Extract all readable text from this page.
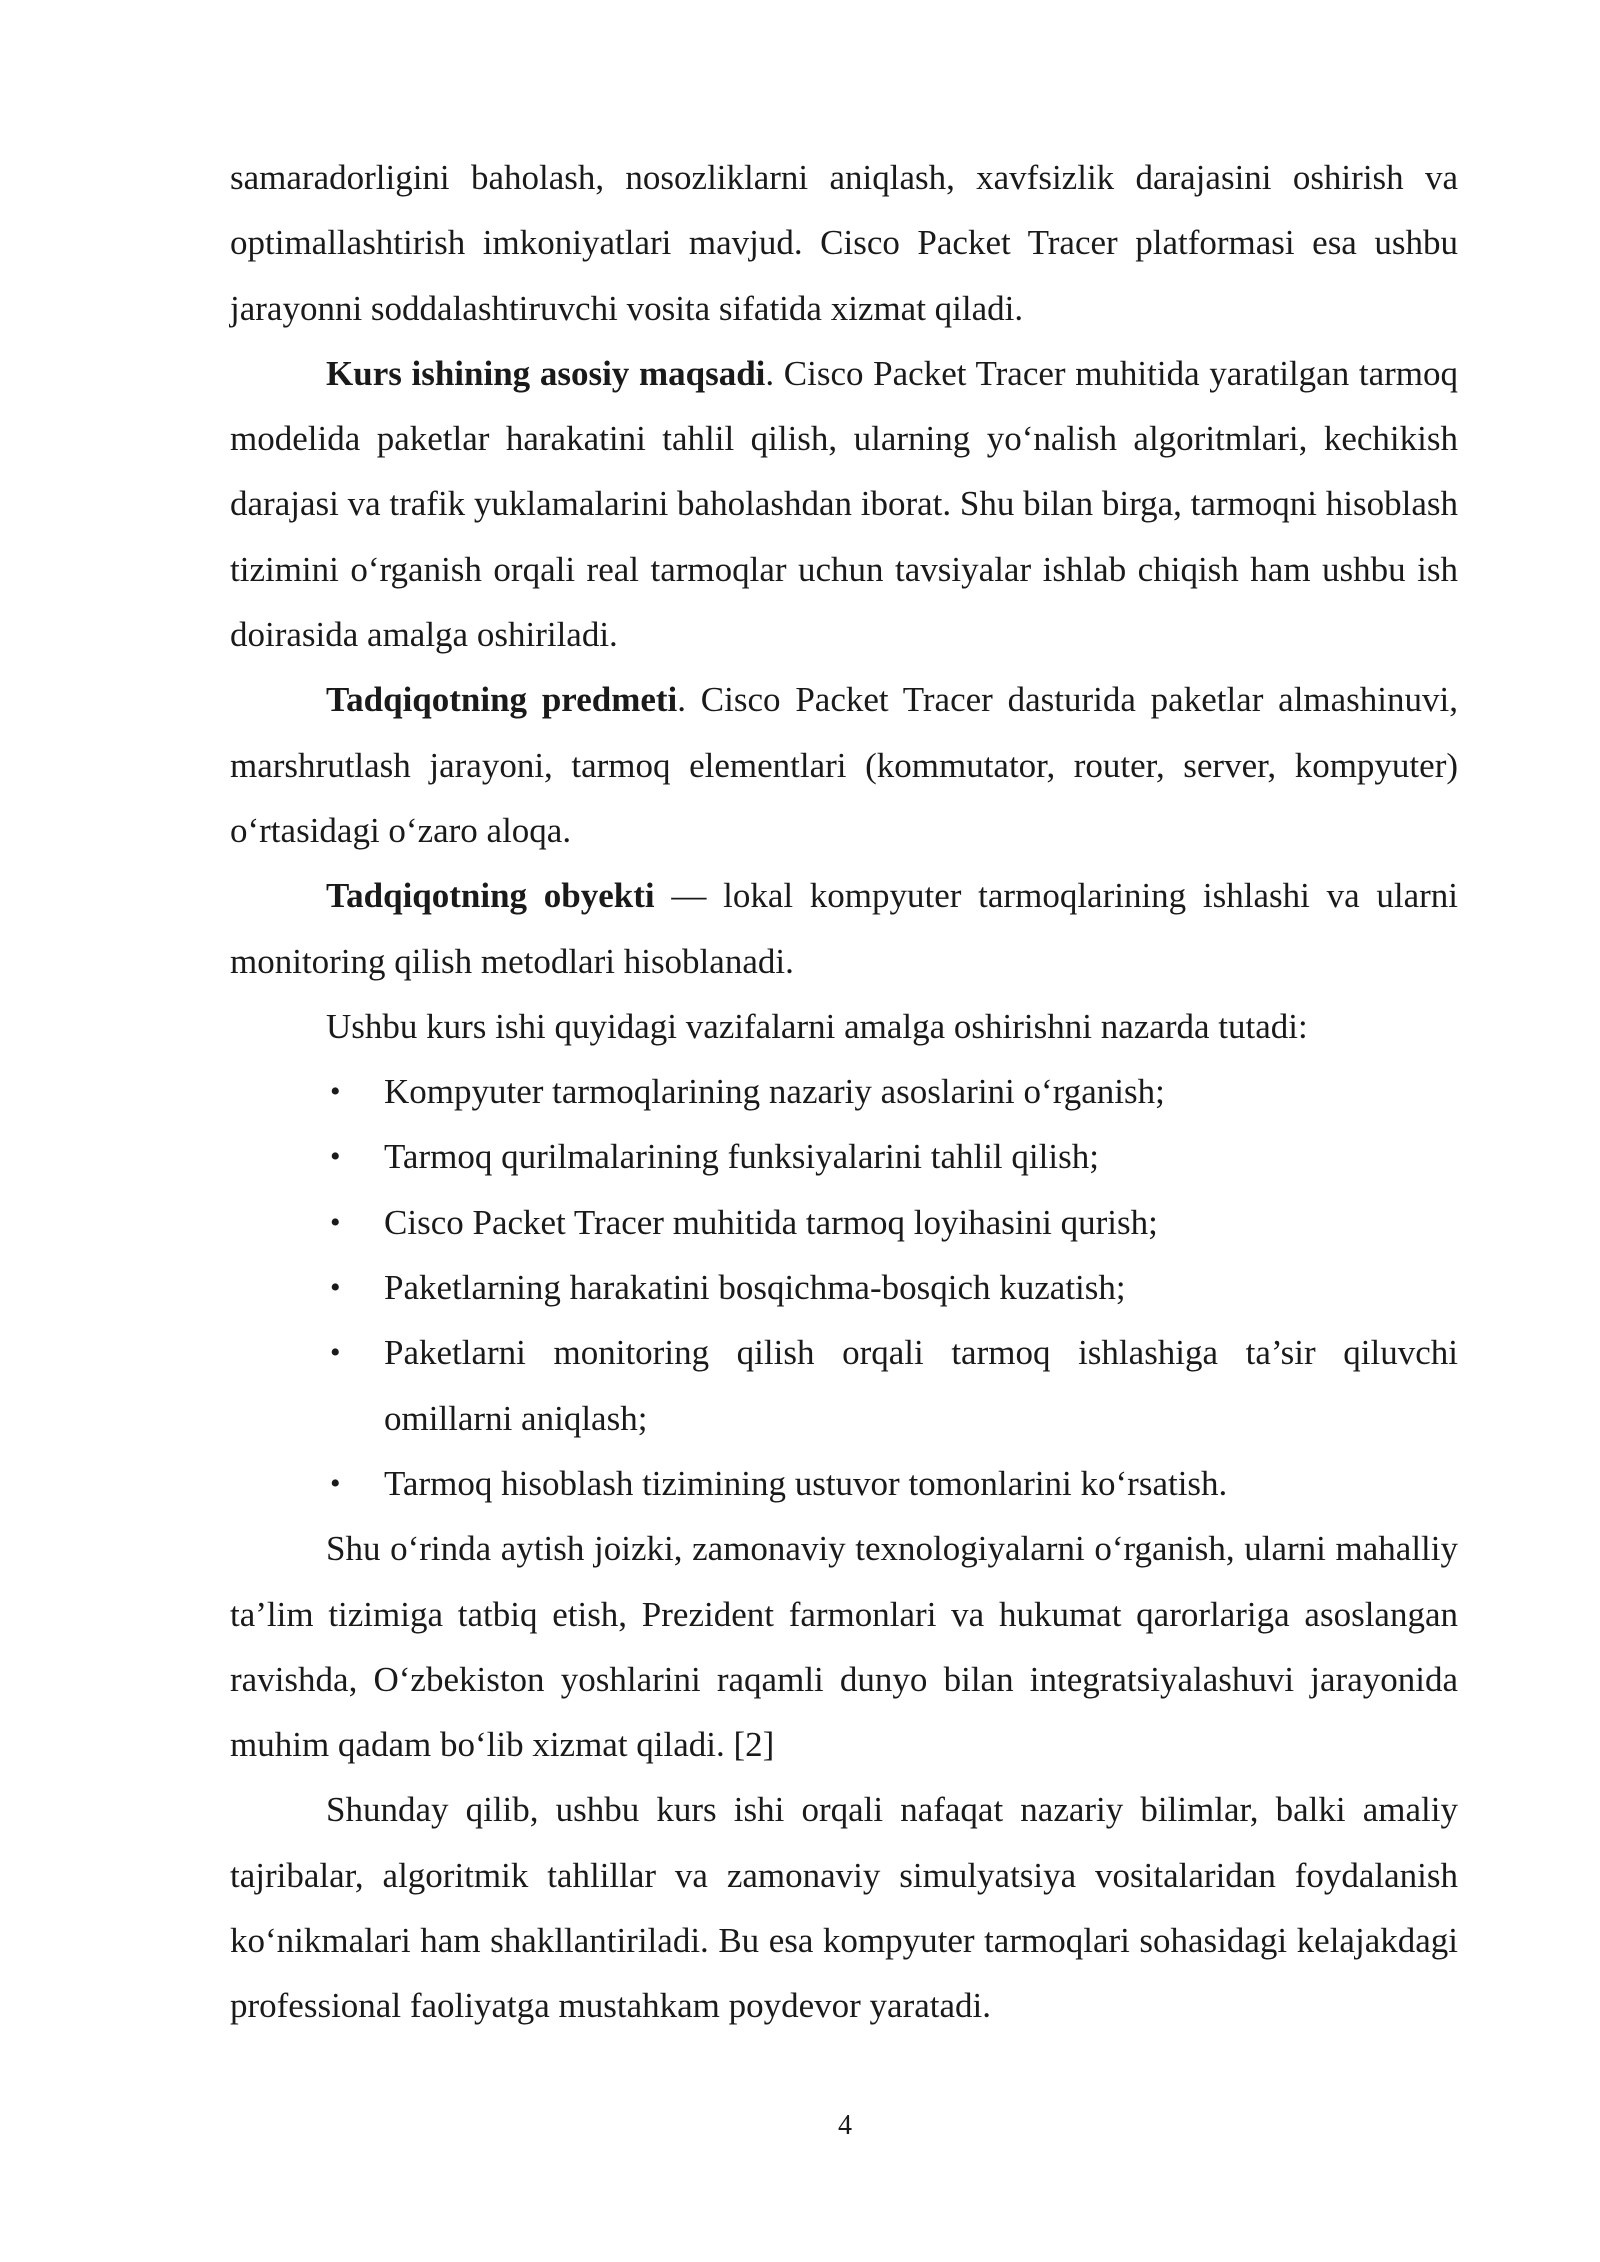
samaradorligini baholash, nosozliklarni aniqlash, xavfsizlik darajasini oshirish va optimallashtirish imkoniyatlari mavjud. Cisco Packet Tracer platformasi esa ushbu jarayonni soddalashtiruvchi vosita sifatida xizmat qiladi.

Kurs ishining asosiy maqsadi. Cisco Packet Tracer muhitida yaratilgan tarmoq modelida paketlar harakatini tahlil qilish, ularning yo‘nalish algoritmlari, kechikish darajasi va trafik yuklamalarini baholashdan iborat. Shu bilan birga, tarmoqni hisoblash tizimini o‘rganish orqali real tarmoqlar uchun tavsiyalar ishlab chiqish ham ushbu ish doirasida amalga oshiriladi.

Tadqiqotning predmeti. Cisco Packet Tracer dasturida paketlar almashinuvi, marshrutlash jarayoni, tarmoq elementlari (kommutator, router, server, kompyuter) o‘rtasidagi o‘zaro aloqa.

Tadqiqotning obyekti — lokal kompyuter tarmoqlarining ishlashi va ularni monitoring qilish metodlari hisoblanadi.

Ushbu kurs ishi quyidagi vazifalarni amalga oshirishni nazarda tutadi:

• Kompyuter tarmoqlarining nazariy asoslarini o‘rganish;
• Tarmoq qurilmalarining funksiyalarini tahlil qilish;
• Cisco Packet Tracer muhitida tarmoq loyihasini qurish;
• Paketlarning harakatini bosqichma-bosqich kuzatish;
• Paketlarni monitoring qilish orqali tarmoq ishlashiga ta’sir qiluvchi omillarni aniqlash;
• Tarmoq hisoblash tizimining ustuvor tomonlarini ko‘rsatish.

Shu o‘rinda aytish joizki, zamonaviy texnologiyalarni o‘rganish, ularni mahalliy ta’lim tizimiga tatbiq etish, Prezident farmonlari va hukumat qarorlariga asoslangan ravishda, O‘zbekiston yoshlarini raqamli dunyo bilan integratsiyalashuvi jarayonida muhim qadam bo‘lib xizmat qiladi. [2]

Shunday qilib, ushbu kurs ishi orqali nafaqat nazariy bilimlar, balki amaliy tajribalar, algoritmik tahlillar va zamonaviy simulyatsiya vositalaridan foydalanish ko‘nikmalari ham shakllantiriladi. Bu esa kompyuter tarmoqlari sohasidagi kelajakdagi professional faoliyatga mustahkam poydevor yaratadi.

4
